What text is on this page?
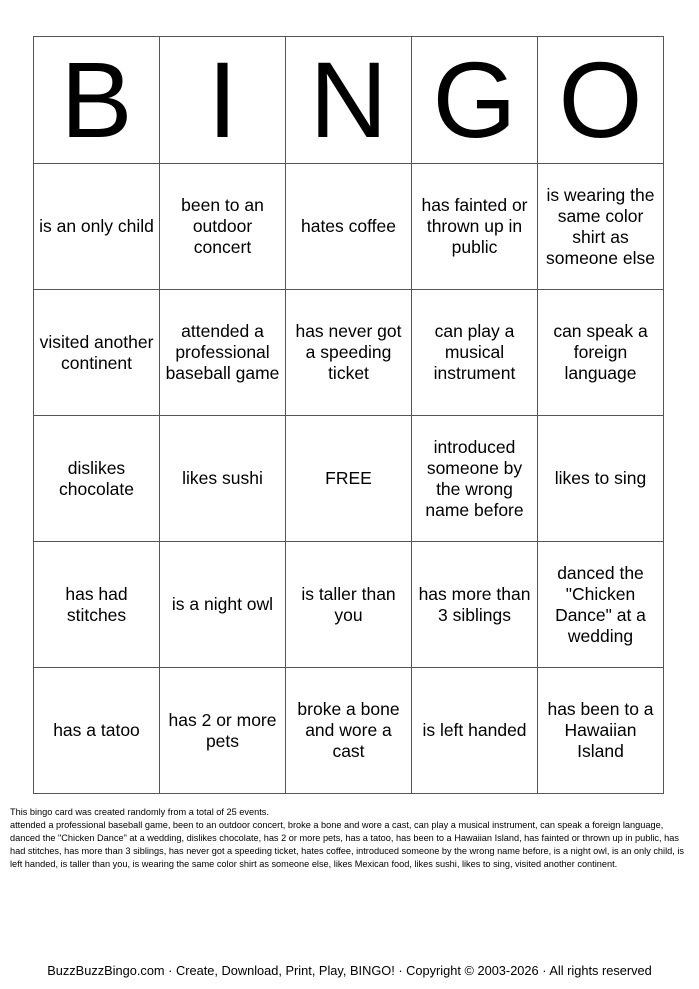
B	I	N	G	O
is an only child	been to an outdoor concert	hates coffee	has fainted or thrown up in public	is wearing the same color shirt as someone else
visited another continent	attended a professional baseball game	has never got a speeding ticket	can play a musical instrument	can speak a foreign language
dislikes chocolate	likes sushi	FREE	introduced someone by the wrong name before	likes to sing
has had stitches	is a night owl	is taller than you	has more than 3 siblings	danced the "Chicken Dance" at a wedding
has a tatoo	has 2 or more pets	broke a bone and wore a cast	is left handed	has been to a Hawaiian Island
This bingo card was created randomly from a total of 25 events.
attended a professional baseball game, been to an outdoor concert, broke a bone and wore a cast, can play a musical instrument, can speak a foreign language, danced the "Chicken Dance" at a wedding, dislikes chocolate, has 2 or more pets, has a tatoo, has been to a Hawaiian Island, has fainted or thrown up in public, has had stitches, has more than 3 siblings, has never got a speeding ticket, hates coffee, introduced someone by the wrong name before, is a night owl, is an only child, is left handed, is taller than you, is wearing the same color shirt as someone else, likes Mexican food, likes sushi, likes to sing, visited another continent.
BuzzBuzzBingo.com · Create, Download, Print, Play, BINGO! · Copyright © 2003-2026 · All rights reserved
